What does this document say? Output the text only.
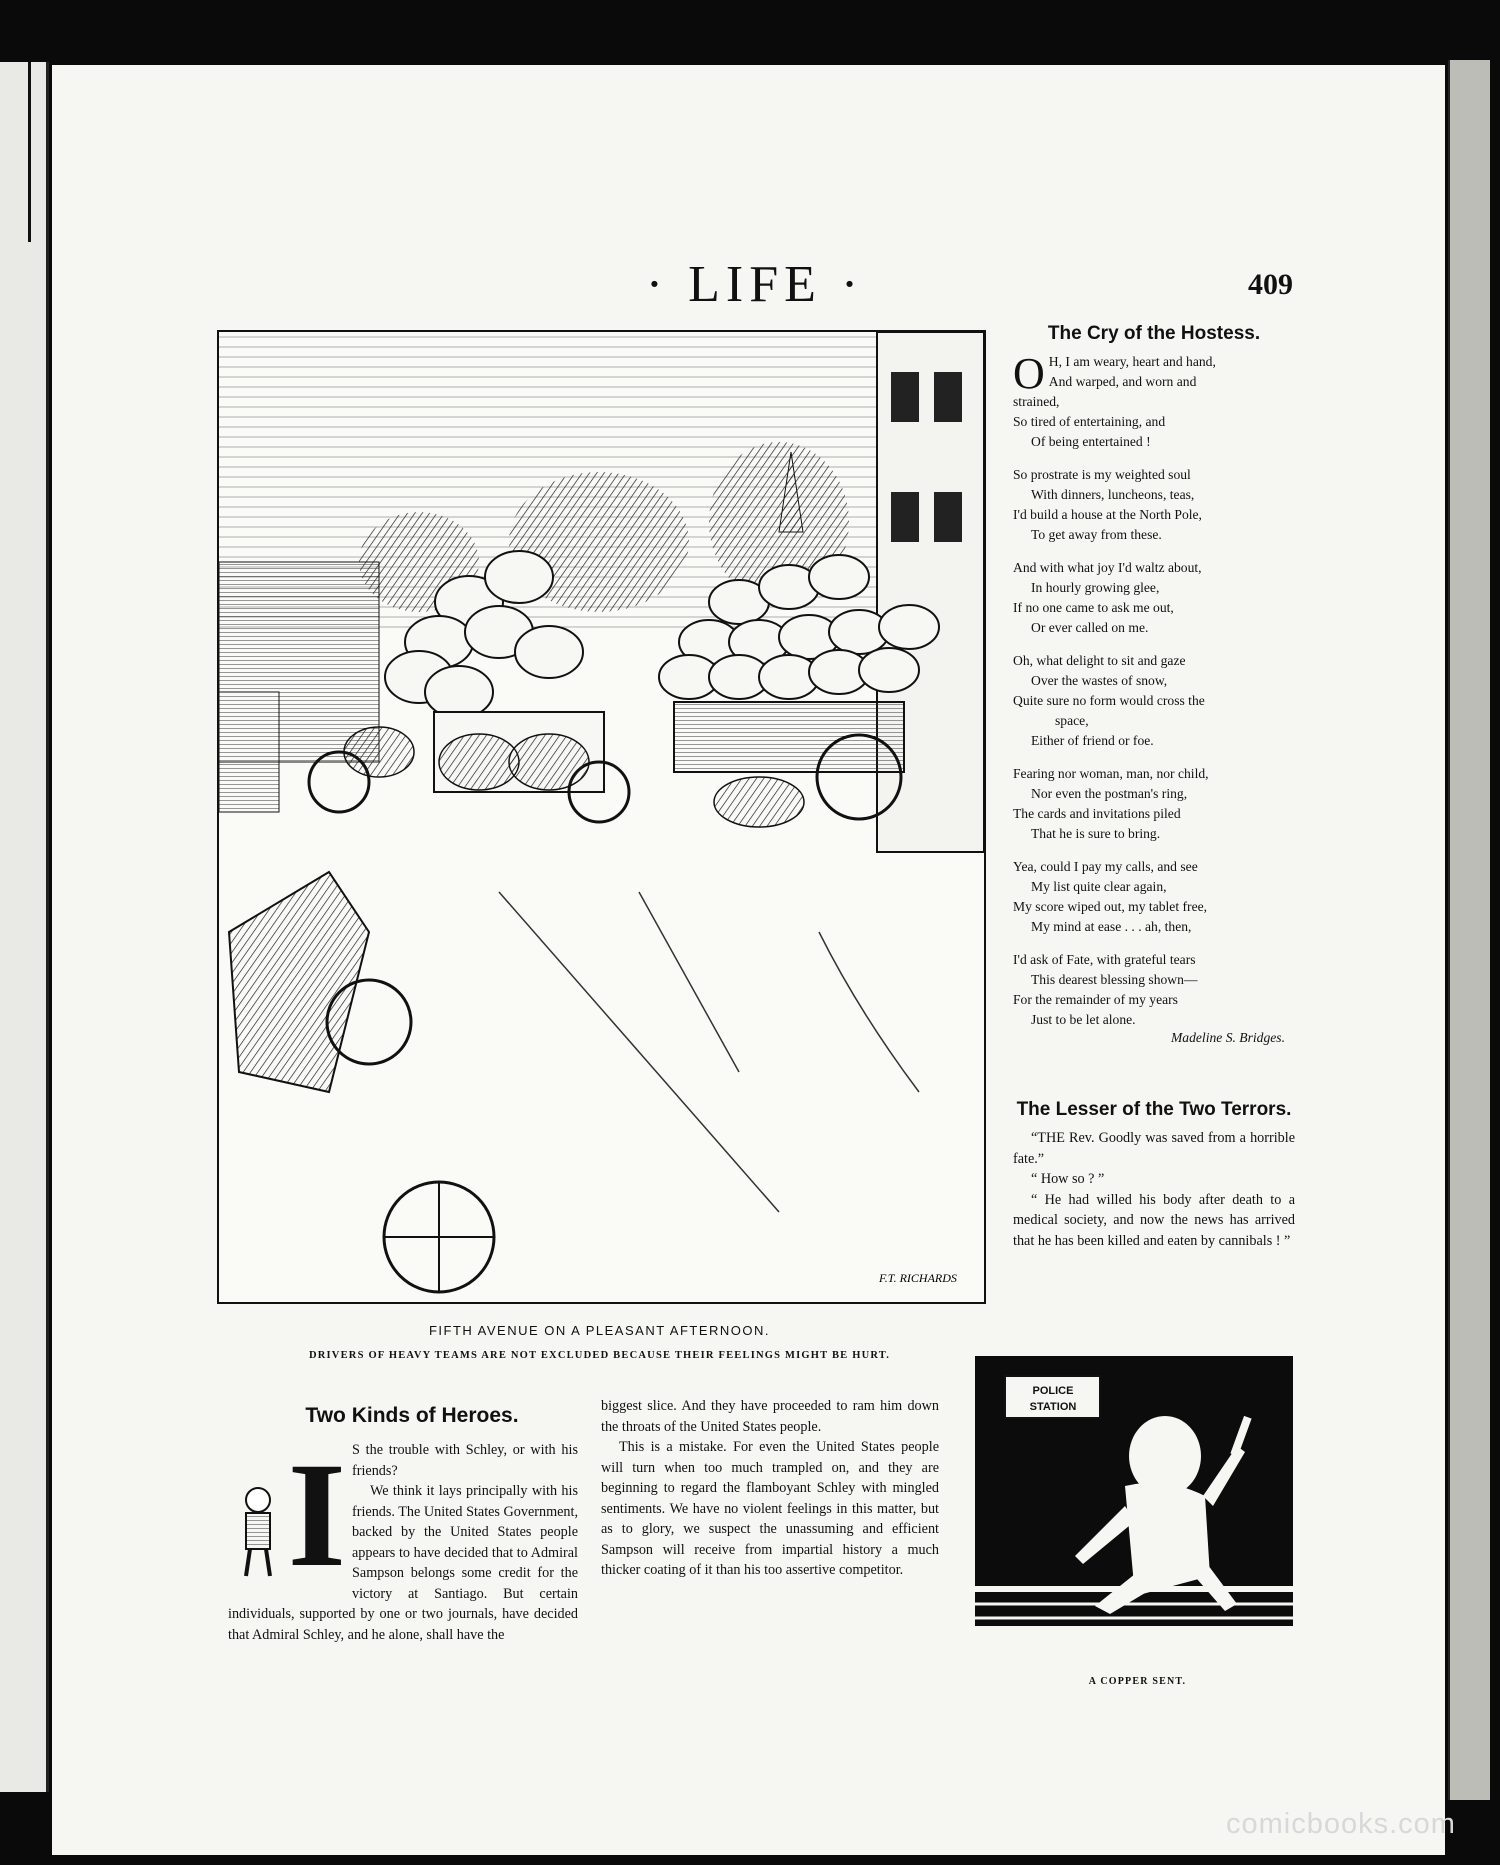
· LIFE ·	409
F.T. RICHARDS
FIFTH AVENUE ON A PLEASANT AFTERNOON.
DRIVERS OF HEAVY TEAMS ARE NOT EXCLUDED BECAUSE THEIR FEELINGS MIGHT BE HURT.
The Cry of the Hostess.
O H, I am weary, heart and hand,
And warped, and worn and
strained,
So tired of entertaining, and
Of being entertained !
So prostrate is my weighted soul
With dinners, luncheons, teas,
I'd build a house at the North Pole,
To get away from these.
And with what joy I'd waltz about,
In hourly growing glee,
If no one came to ask me out,
Or ever called on me.
Oh, what delight to sit and gaze
Over the wastes of snow,
Quite sure no form would cross the
space,
Either of friend or foe.
Fearing nor woman, man, nor child,
Nor even the postman's ring,
The cards and invitations piled
That he is sure to bring.
Yea, could I pay my calls, and see
My list quite clear again,
My score wiped out, my tablet free,
My mind at ease . . . ah, then,
I'd ask of Fate, with grateful tears
This dearest blessing shown—
For the remainder of my years
Just to be let alone.
Madeline S. Bridges.
The Lesser of the Two Terrors.
“THE Rev. Goodly was saved from a horrible fate.”
“ How so ? ”
“ He had willed his body after death to a medical society, and now the news has arrived that he has been killed and eaten by cannibals ! ”
Two Kinds of Heroes.
I S the trouble with Schley, or with his friends?
We think it lays principally with his friends. The United States Government, backed by the United States people appears to have decided that to Admiral Sampson belongs some credit for the victory at Santiago. But certain individuals, supported by one or two journals, have decided that Admiral Schley, and he alone, shall have the
biggest slice. And they have proceeded to ram him down the throats of the United States people.
This is a mistake. For even the United States people will turn when too much trampled on, and they are beginning to regard the flamboyant Schley with mingled sentiments. We have no violent feelings in this matter, but as to glory, we suspect the unassuming and efficient Sampson will receive from impartial history a much thicker coating of it than his too assertive competitor.
POLICE
STATION
A COPPER SENT.
comicbooks.com
